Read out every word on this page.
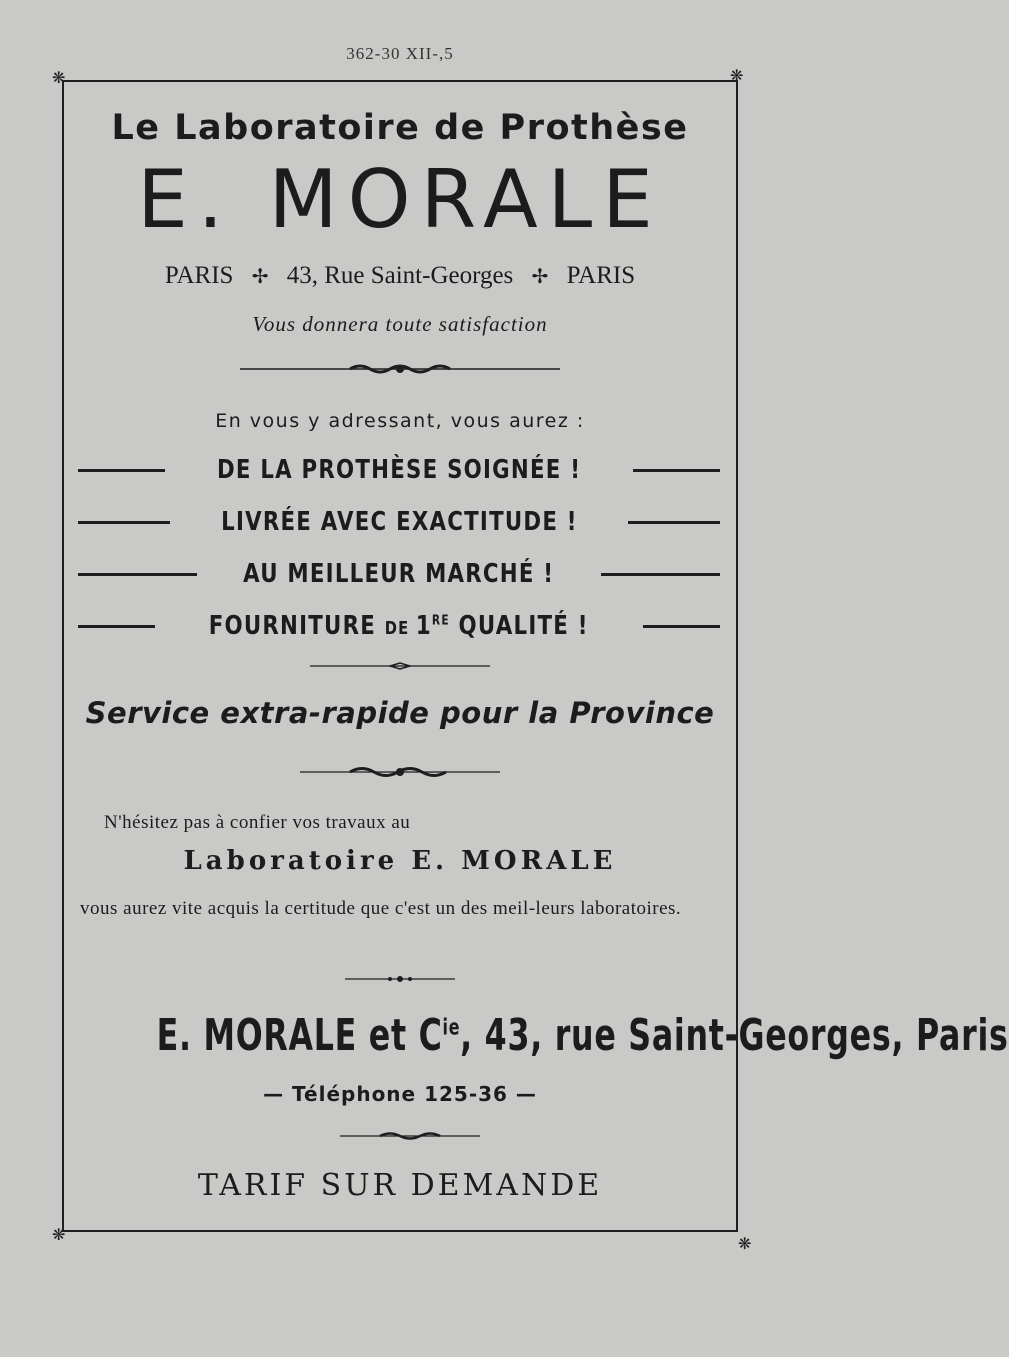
362-30 XII-,5
❋	❋
❋	❋
Le Laboratoire de Prothèse
E. MORALE
PARIS ✢ 43, Rue Saint-Georges ✢ PARIS
Vous donnera toute satisfaction
En vous y adressant, vous aurez :
DE LA PROTHÈSE SOIGNÉE !
LIVRÉE AVEC EXACTITUDE !
AU MEILLEUR MARCHÉ !
FOURNITURE DE 1RE QUALITÉ !
Service extra-rapide pour la Province
N'hésitez pas à confier vos travaux au
Laboratoire E. MORALE
vous aurez vite acquis la certitude que c'est un des meil-leurs laboratoires.
E. MORALE et $C^{ie}$, 43, rue Saint-Georges, Paris
— Téléphone 125-36 —
TARIF SUR DEMANDE
